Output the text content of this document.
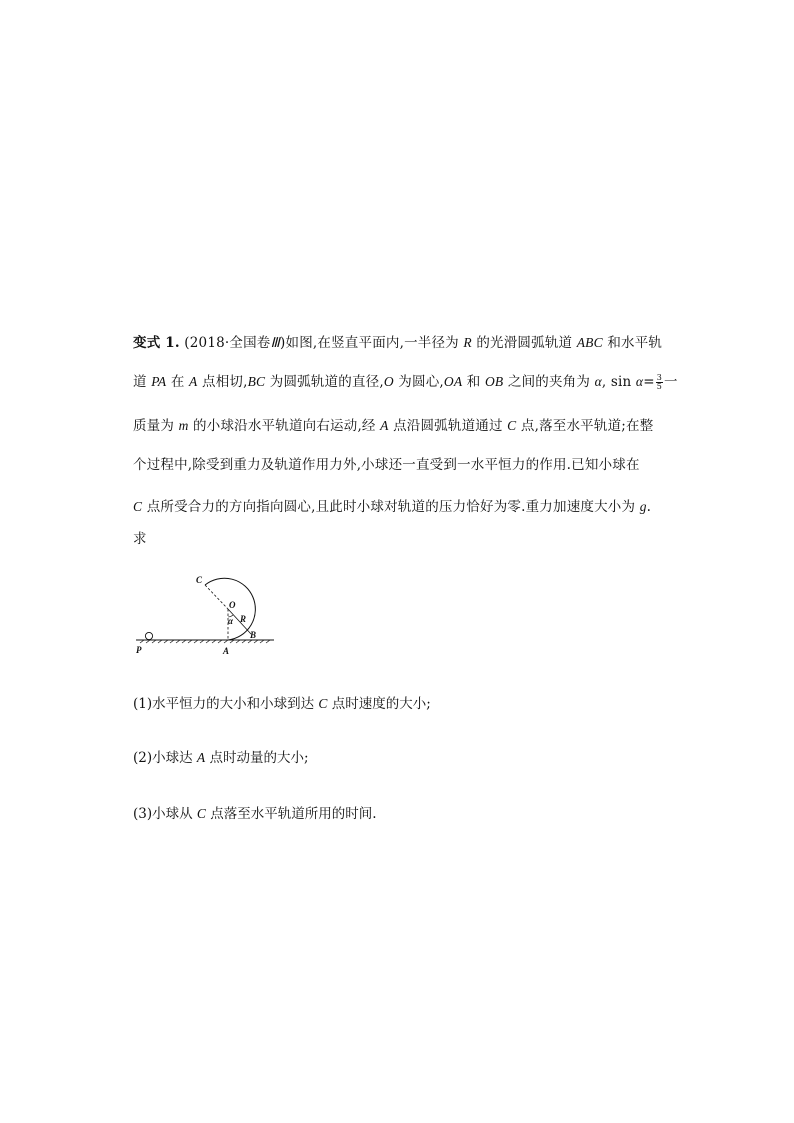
变式 1. (2018·全国卷Ⅲ)如图,在竖直平面内,一半径为 R 的光滑圆弧轨道 ABC 和水平轨
道 PA 在 A 点相切,BC 为圆弧轨道的直径,O 为圆心,OA 和 OB 之间的夹角为 α, $\sin \alpha= \frac{3}{5}$ 一
质量为 m 的小球沿水平轨道向右运动,经 A 点沿圆弧轨道通过 C 点,落至水平轨道;在整
个过程中,除受到重力及轨道作用力外,小球还一直受到一水平恒力的作用.已知小球在
C 点所受合力的方向指向圆心,且此时小球对轨道的压力恰好为零.重力加速度大小为 g.
求
C
O
α R
B
P	A
(1)水平恒力的大小和小球到达 C 点时速度的大小;
(2)小球达 A 点时动量的大小;
(3)小球从 C 点落至水平轨道所用的时间.
